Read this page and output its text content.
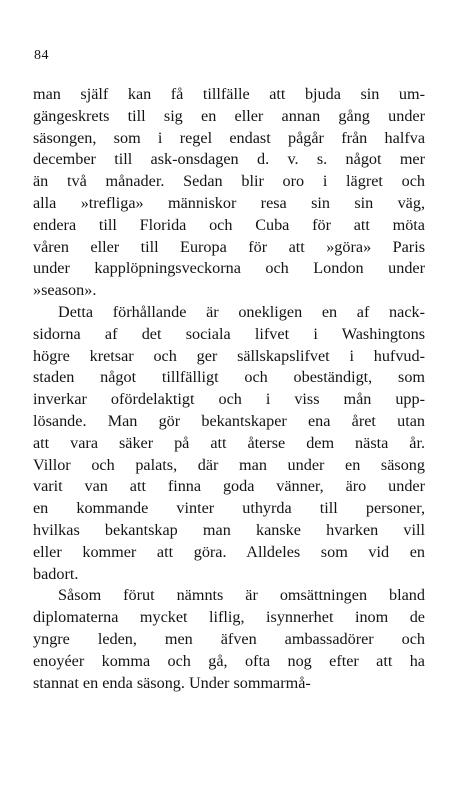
84
man själf kan få tillfälle att bjuda sin um-
gängeskrets till sig en eller annan gång under
säsongen, som i regel endast pågår från halfva
december till ask-onsdagen d. v. s. något mer
än två månader. Sedan blir oro i lägret och
alla »trefliga» människor resa sin sin väg,
endera till Florida och Cuba för att möta
våren eller till Europa för att »göra» Paris
under kapplöpningsveckorna och London under
»season».
Detta förhållande är onekligen en af nack-
sidorna af det sociala lifvet i Washingtons
högre kretsar och ger sällskapslifvet i hufvud-
staden något tillfälligt och obeständigt, som
inverkar ofördelaktigt och i viss mån upp-
lösande. Man gör bekantskaper ena året utan
att vara säker på att återse dem nästa år.
Villor och palats, där man under en säsong
varit van att finna goda vänner, äro under
en kommande vinter uthyrda till personer,
hvilkas bekantskap man kanske hvarken vill
eller kommer att göra. Alldeles som vid en
badort.
Såsom förut nämnts är omsättningen bland
diplomaterna mycket liflig, isynnerhet inom de
yngre leden, men äfven ambassadörer och
enoyéer komma och gå, ofta nog efter att ha
stannat en enda säsong. Under sommarmå-
